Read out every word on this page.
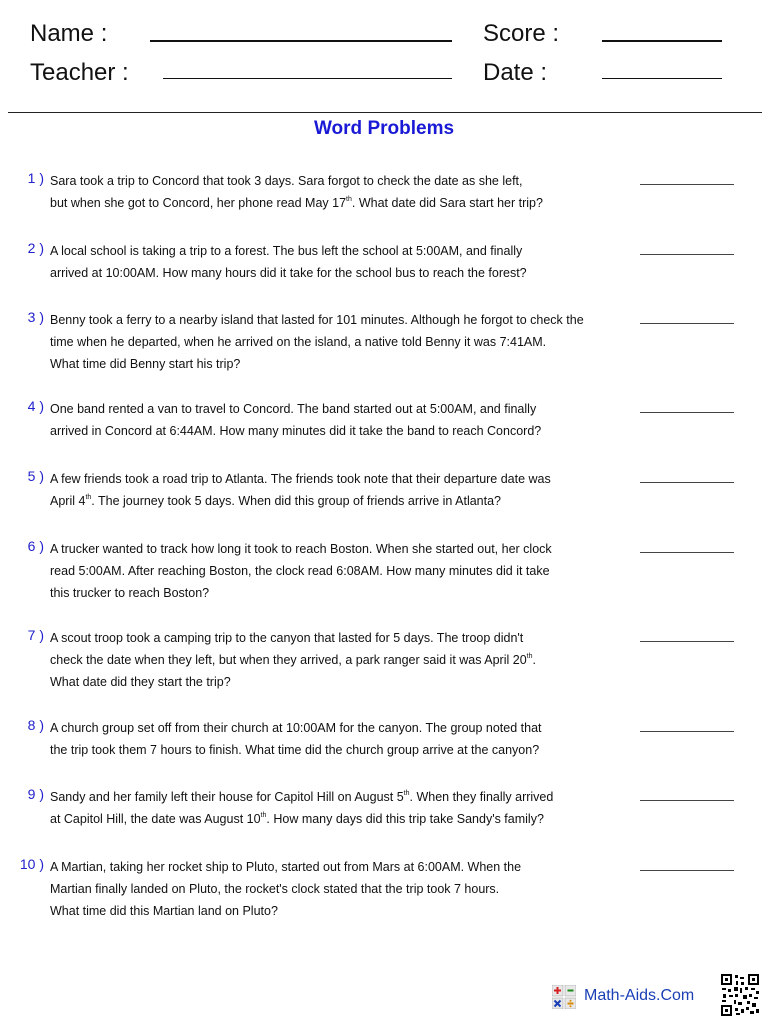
Name :
Teacher :
Score :
Date :
Word Problems
1 ) Sara took a trip to Concord that took 3 days. Sara forgot to check the date as she left,
but when she got to Concord, her phone read May 17th. What date did Sara start her trip?
2 ) A local school is taking a trip to a forest. The bus left the school at 5:00AM, and finally
arrived at 10:00AM. How many hours did it take for the school bus to reach the forest?
3 ) Benny took a ferry to a nearby island that lasted for 101 minutes. Although he forgot to check the
time when he departed, when he arrived on the island, a native told Benny it was 7:41AM.
What time did Benny start his trip?
4 ) One band rented a van to travel to Concord. The band started out at 5:00AM, and finally
arrived in Concord at 6:44AM. How many minutes did it take the band to reach Concord?
5 ) A few friends took a road trip to Atlanta. The friends took note that their departure date was
April 4th. The journey took 5 days. When did this group of friends arrive in Atlanta?
6 ) A trucker wanted to track how long it took to reach Boston. When she started out, her clock
read 5:00AM. After reaching Boston, the clock read 6:08AM. How many minutes did it take
this trucker to reach Boston?
7 ) A scout troop took a camping trip to the canyon that lasted for 5 days. The troop didn't
check the date when they left, but when they arrived, a park ranger said it was April 20th.
What date did they start the trip?
8 ) A church group set off from their church at 10:00AM for the canyon. The group noted that
the trip took them 7 hours to finish. What time did the church group arrive at the canyon?
9 ) Sandy and her family left their house for Capitol Hill on August 5th. When they finally arrived
at Capitol Hill, the date was August 10th. How many days did this trip take Sandy's family?
10 ) A Martian, taking her rocket ship to Pluto, started out from Mars at 6:00AM. When the
Martian finally landed on Pluto, the rocket's clock stated that the trip took 7 hours.
What time did this Martian land on Pluto?
Math-Aids.Com
